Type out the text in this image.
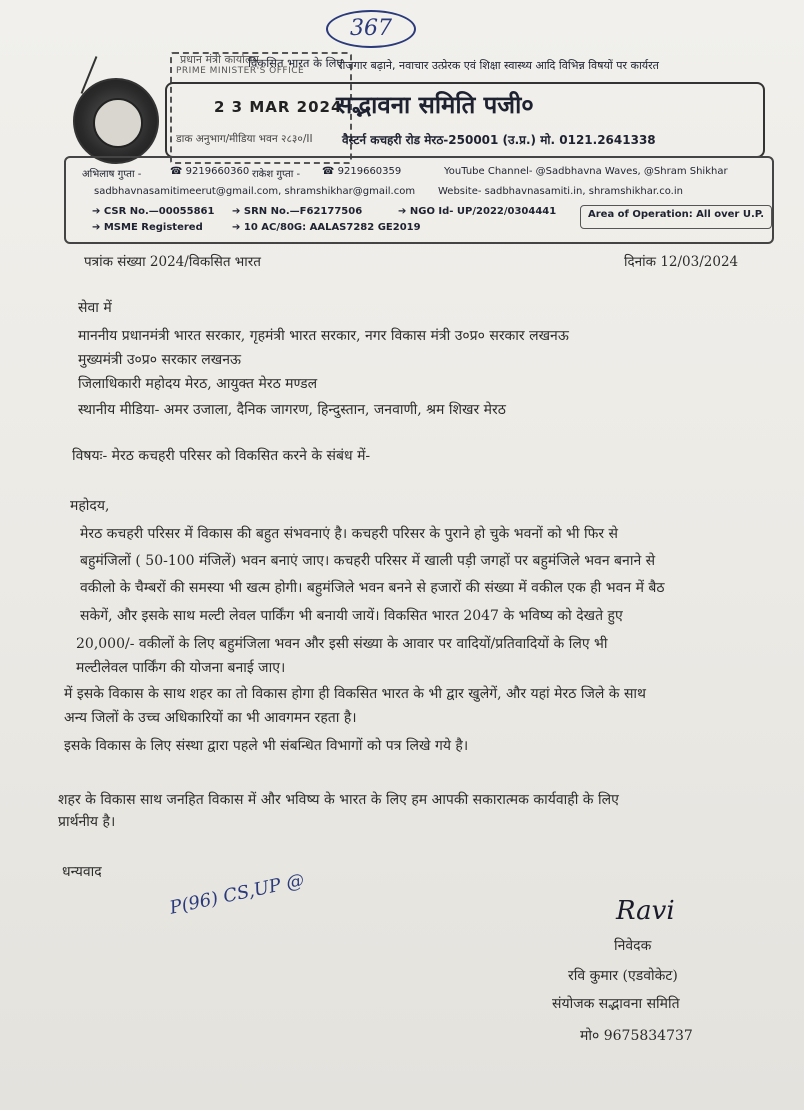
367
प्रधान मंत्री कार्यालय
PRIME MINISTER'S OFFICE
विकसित भारत के लिए
रोजगार बढ़ाने, नवाचार उत्प्रेरक एवं शिक्षा स्वास्थ्य आदि विभिन्न विषयों पर कार्यरत
2 3 MAR 2024
सद्भावना समिति पजी०
डाक अनुभाग/मीडिया भवन २८३०/II	वैस्टर्न कचहरी रोड मेरठ-250001 (उ.प्र.) मो. 0121.2641338
अभिलाष गुप्ता -	☎ 9219660360 राकेश गुप्ता - ☎ 9219660359	YouTube Channel- @Sadbhavna Waves, @Shram Shikhar
sadbhavnasamitimeerut@gmail.com, shramshikhar@gmail.com Website- sadbhavnasamiti.in, shramshikhar.co.in
➔ CSR No.—00055861 ➔ SRN No.—F62177506	➔ NGO Id- UP/2022/0304441	Area of Operation: All over U.P.
➔ MSME Registered	➔ 10 AC/80G: AALAS7282 GE2019
पत्रांक संख्या 2024/विकसित भारत	दिनांक 12/03/2024
सेवा में
माननीय प्रधानमंत्री भारत सरकार, गृहमंत्री भारत सरकार, नगर विकास मंत्री उ०प्र० सरकार लखनऊ
मुख्यमंत्री उ०प्र० सरकार लखनऊ
जिलाधिकारी महोदय मेरठ, आयुक्त मेरठ मण्डल
स्थानीय मीडिया- अमर उजाला, दैनिक जागरण, हिन्दुस्तान, जनवाणी, श्रम शिखर मेरठ
विषयः- मेरठ कचहरी परिसर को विकसित करने के संबंध में-
महोदय,
मेरठ कचहरी परिसर में विकास की बहुत संभवनाएं है। कचहरी परिसर के पुराने हो चुके भवनों को भी फिर से
बहुमंजिलों ( 50-100 मंजिलें) भवन बनाएं जाए। कचहरी परिसर में खाली पड़ी जगहों पर बहुमंजिले भवन बनाने से
वकीलो के चैम्बरों की समस्या भी खत्म होगी। बहुमंजिले भवन बनने से हजारों की संख्या में वकील एक ही भवन में बैठ
सकेगें, और इसके साथ मल्टी लेवल पार्किंग भी बनायी जायें। विकसित भारत 2047 के भविष्य को देखते हुए
20,000/- वकीलों के लिए बहुमंजिला भवन और इसी संख्या के आवार पर वादियों/प्रतिवादियों के लिए भी
मल्टीलेवल पार्किंग की योजना बनाई जाए।
में इसके विकास के साथ शहर का तो विकास होगा ही विकसित भारत के भी द्वार खुलेगें, और यहां मेरठ जिले के साथ
अन्य जिलों के उच्च अधिकारियों का भी आवगमन रहता है।
इसके विकास के लिए संस्था द्वारा पहले भी संबन्धित विभागों को पत्र लिखे गये है।
शहर के विकास साथ जनहित विकास में और भविष्य के भारत के लिए हम आपकी सकारात्मक कार्यवाही के लिए
प्रार्थनीय है।
धन्यवाद	P(96) CS,UP @	Ravi
निवेदक
रवि कुमार (एडवोकेट)
संयोजक सद्भावना समिति
मो० 9675834737
